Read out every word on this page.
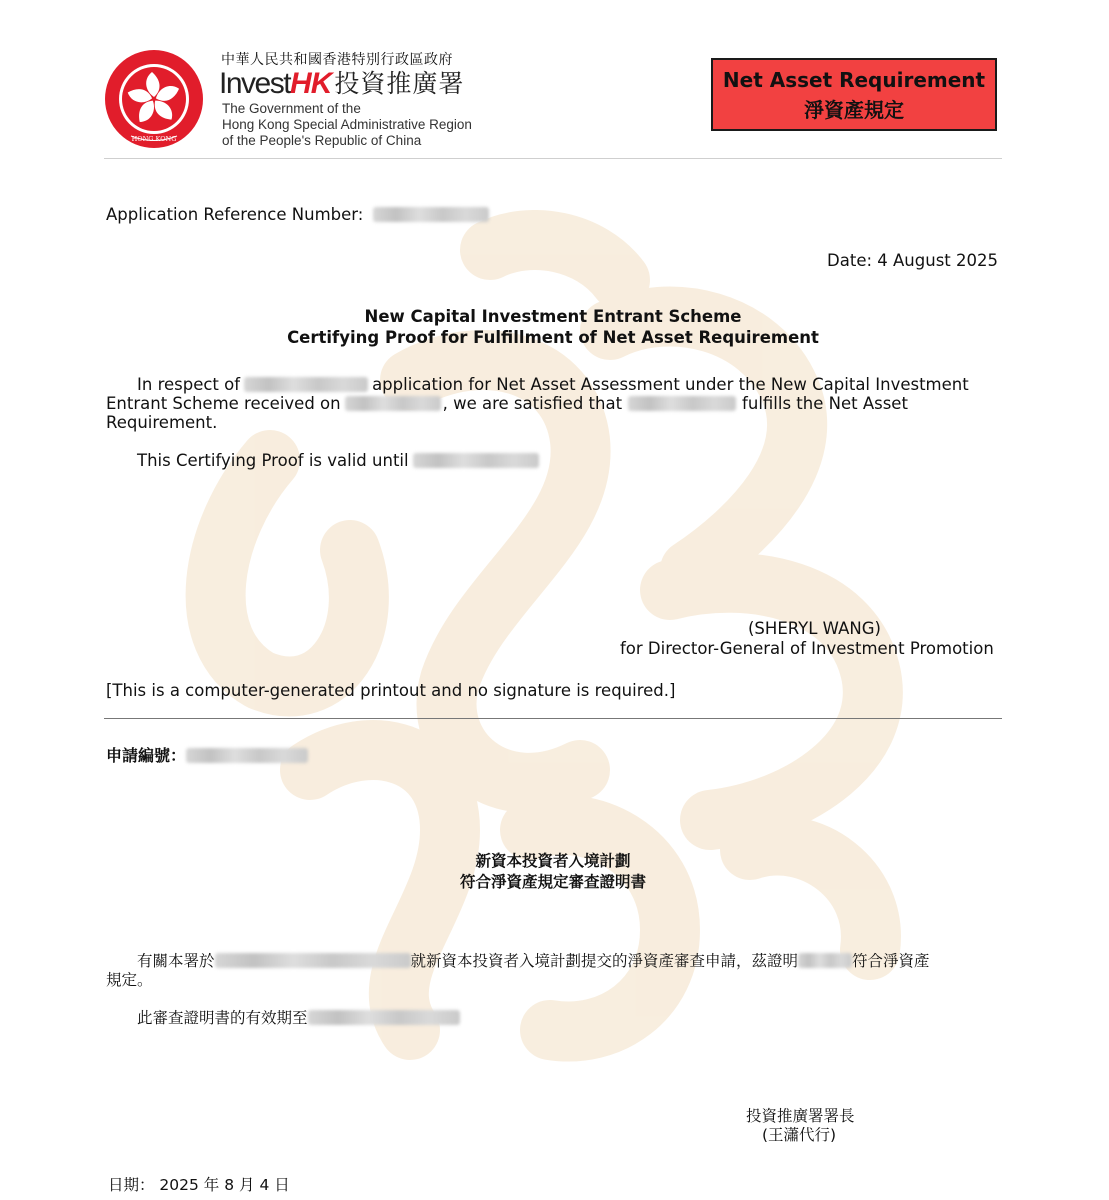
HONG KONG
中華人民共和國香港特別行政區政府
Invest HK 投資推廣署
The Government of the
Hong Kong Special Administrative Region
of the People's Republic of China
Net Asset Requirement
淨資產規定
Application Reference Number:
Date: 4 August 2025
New Capital Investment Entrant Scheme
Certifying Proof for Fulfillment of Net Asset Requirement
In respect of	application for Net Asset Assessment under the New Capital Investment
Entrant Scheme received on	, we are satisfied that	fulfills the Net Asset
Requirement.
This Certifying Proof is valid until
(SHERYL WANG)
for Director-General of Investment Promotion
[This is a computer-generated printout and no signature is required.]
申請編號：
新資本投資者入境計劃
符合淨資產規定審查證明書
有關本署於	就新資本投資者入境計劃提交的淨資產審查申請，茲證明	符合淨資產
規定。
此審查證明書的有效期至
投資推廣署署長
(王瀟代行)
日期： 2025 年 8 月 4 日
